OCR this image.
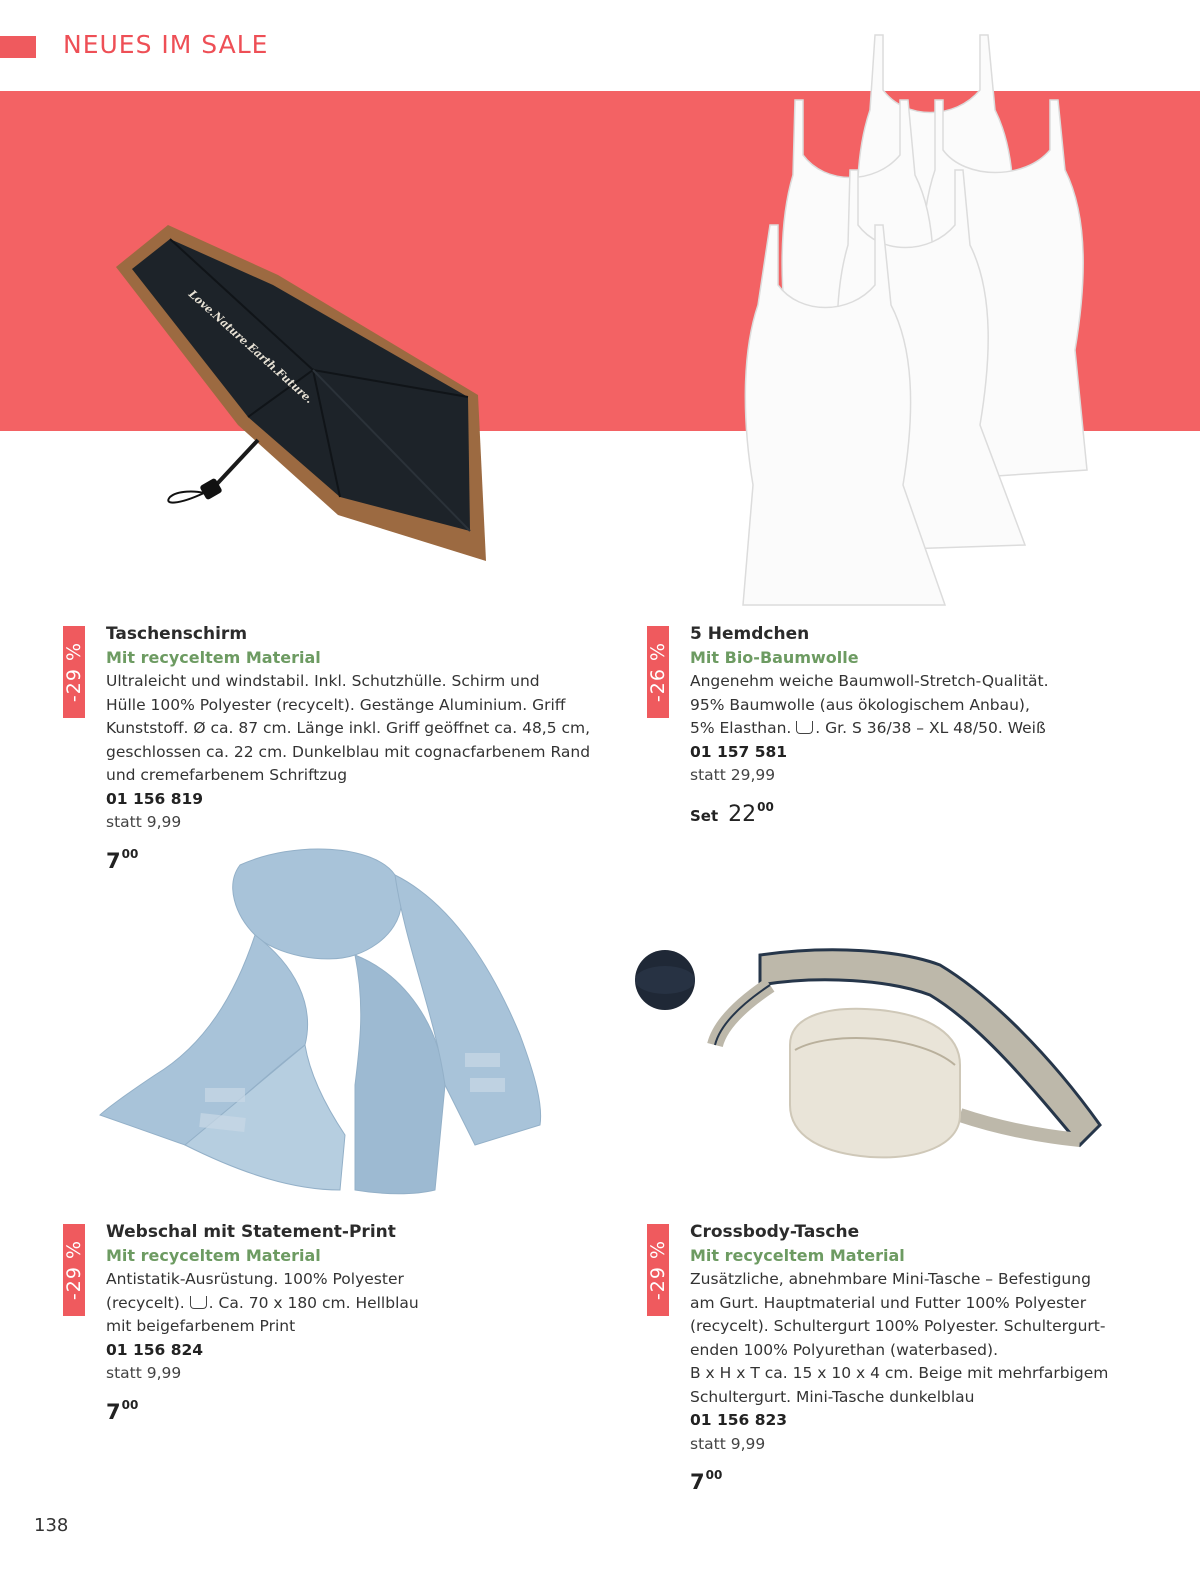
NEUES IM SALE
Love.Nature.Earth.Future.
-29 %
Taschenschirm
Mit recyceltem Material
Ultraleicht und windstabil. Inkl. Schutzhülle. Schirm und
Hülle 100% Polyester (recycelt). Gestänge Aluminium. Griff
Kunststoff. Ø ca. 87 cm. Länge inkl. Griff geöffnet ca. 48,5 cm,
geschlossen ca. 22 cm. Dunkelblau mit cognacfarbenem Rand
und cremefarbenem Schriftzug
01 156 819
statt 9,99
$7^{00}$
-26 %
5 Hemdchen
Mit Bio-Baumwolle
Angenehm weiche Baumwoll-Stretch-Qualität.
95% Baumwolle (aus ökologischem Anbau),
5% Elasthan. . Gr. S 36/38 – XL 48/50. Weiß
01 157 581
statt 29,99
Set $22^{00}$
-29 %
Webschal mit Statement-Print
Mit recyceltem Material
Antistatik-Ausrüstung. 100% Polyester
(recycelt). . Ca. 70 x 180 cm. Hellblau
mit beigefarbenem Print
01 156 824
statt 9,99
$7^{00}$
-29 %
Crossbody-Tasche
Mit recyceltem Material
Zusätzliche, abnehmbare Mini-Tasche – Befestigung
am Gurt. Hauptmaterial und Futter 100% Polyester
(recycelt). Schultergurt 100% Polyester. Schultergurt-
enden 100% Polyurethan (waterbased).
B x H x T ca. 15 x 10 x 4 cm. Beige mit mehrfarbigem
Schultergurt. Mini-Tasche dunkelblau
01 156 823
statt 9,99
$7^{00}$
138
